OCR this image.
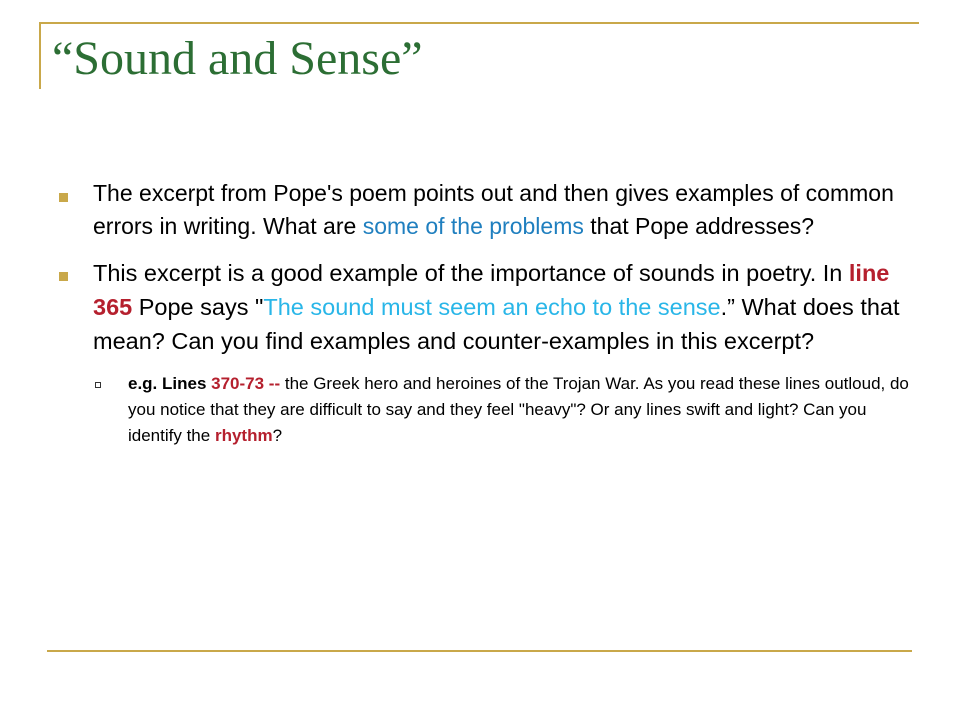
“Sound and Sense”
The excerpt from Pope's poem points out and then gives examples of common errors in writing. What are some of the problems that Pope addresses?
This excerpt is a good example of the importance of sounds in poetry. In line 365 Pope says "The sound must seem an echo to the sense.” What does that mean? Can you find examples and counter-examples in this excerpt?
e.g. Lines 370-73 -- the Greek hero and heroines of the Trojan War. As you read these lines outloud, do you notice that they are difficult to say and they feel "heavy"? Or any lines swift and light? Can you identify the rhythm?
